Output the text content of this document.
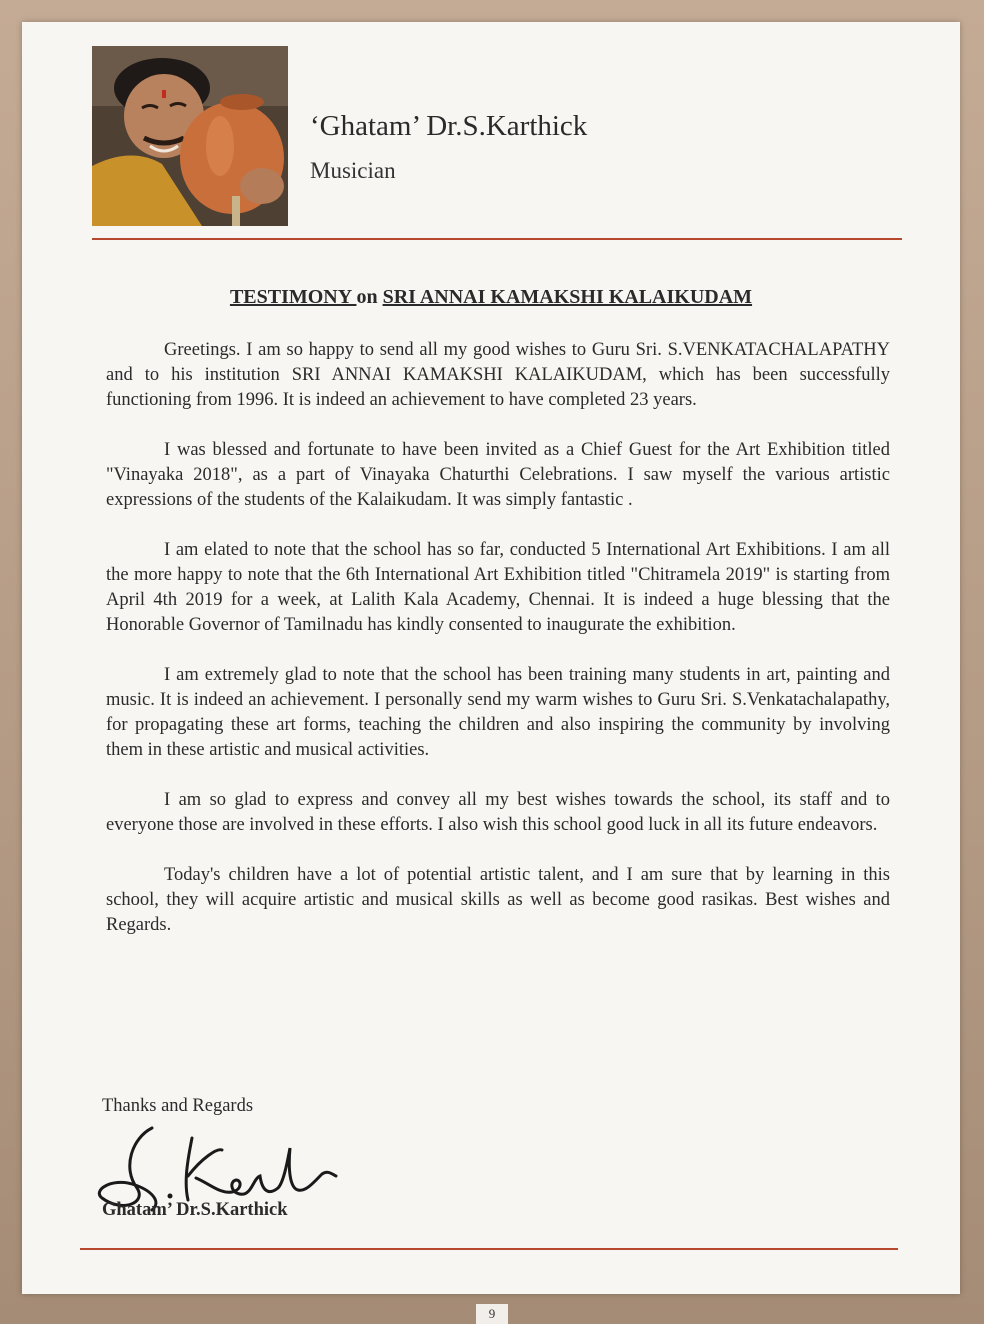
‘Ghatam’ Dr.S.Karthick
Musician
TESTIMONY on SRI ANNAI KAMAKSHI KALAIKUDAM

Greetings. I am so happy to send all my good wishes to Guru Sri. S.VENKATACHALAPATHY and to his institution SRI ANNAI KAMAKSHI KALAIKUDAM, which has been successfully functioning from 1996. It is indeed an achievement to have completed 23 years.

I was blessed and fortunate to have been invited as a Chief Guest for the Art Exhibition titled "Vinayaka 2018", as a part of Vinayaka Chaturthi Celebrations. I saw myself the various artistic expressions of the students of the Kalaikudam. It was simply fantastic .

I am elated to note that the school has so far, conducted 5 International Art Exhibitions. I am all the more happy to note that the 6th International Art Exhibition titled "Chitramela 2019" is starting from April 4th 2019 for a week, at Lalith Kala Academy, Chennai. It is indeed a huge blessing that the Honorable Governor of Tamilnadu has kindly consented to inaugurate the exhibition.

I am extremely glad to note that the school has been training many students in art, painting and music. It is indeed an achievement. I personally send my warm wishes to Guru Sri. S.Venkatachalapathy, for propagating these art forms, teaching the children and also inspiring the community by involving them in these artistic and musical activities.

I am so glad to express and convey all my best wishes towards the school, its staff and to everyone those are involved in these efforts. I also wish this school good luck in all its future endeavors.

Today's children have a lot of potential artistic talent, and I am sure that by learning in this school, they will acquire artistic and musical skills as well as become good rasikas. Best wishes and Regards.

Thanks and Regards
Ghatam’ Dr.S.Karthick
9
